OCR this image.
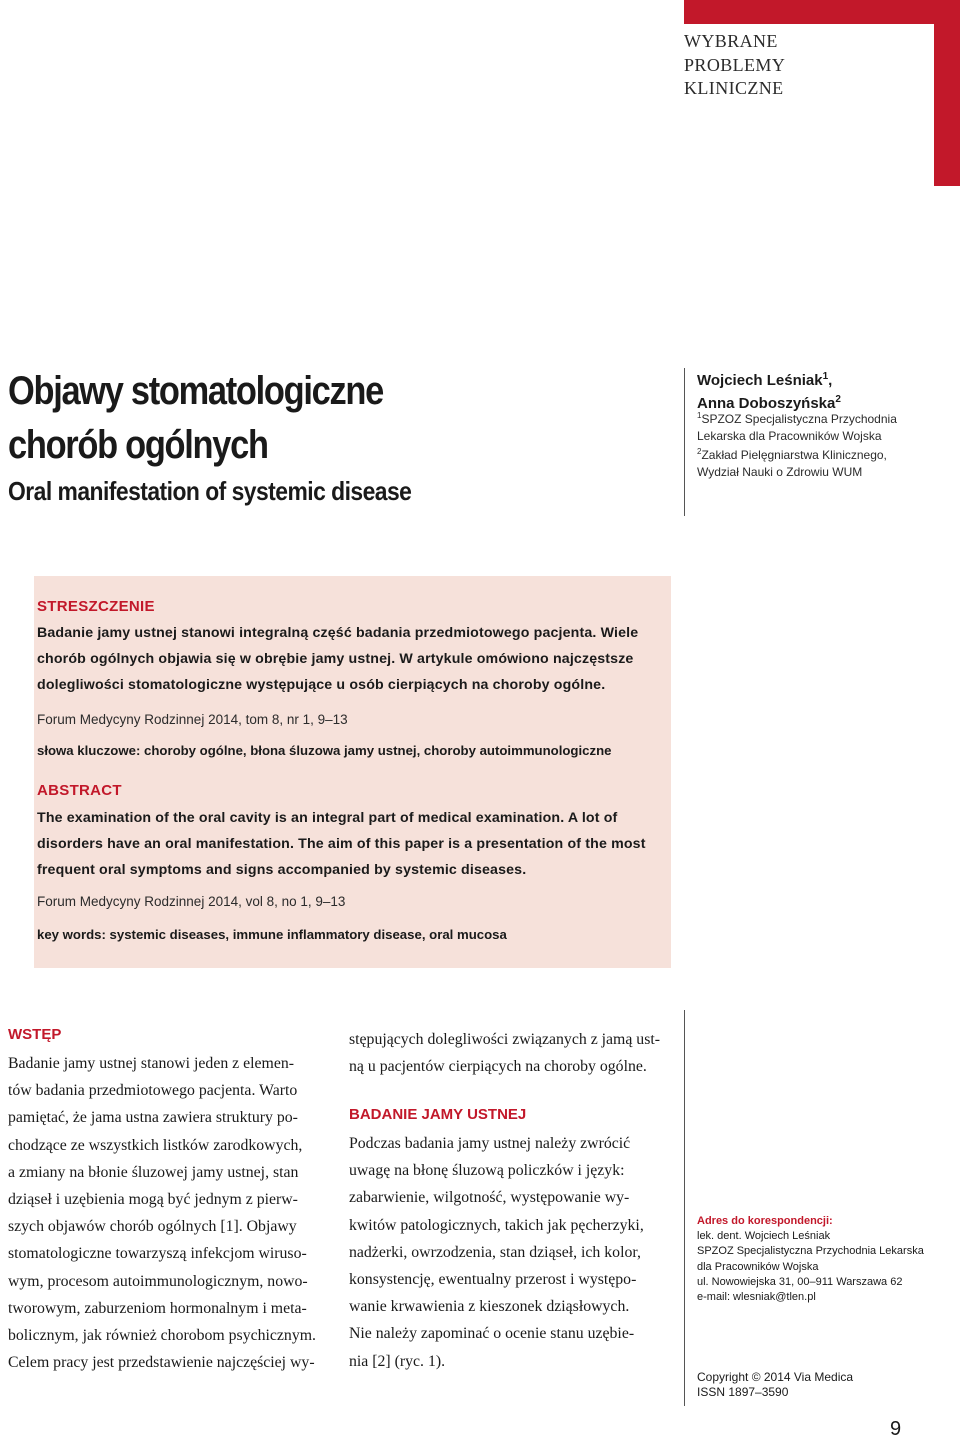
WYBRANE
PROBLEMY
KLINICZNE
Objawy stomatologiczne
chorób ogólnych
Oral manifestation of systemic disease
Wojciech Leśniak$^1$,
Anna Doboszyńska$^2$
$^1$SPZOZ Specjalistyczna Przychodnia
Lekarska dla Pracowników Wojska
$^2$Zakład Pielęgniarstwa Klinicznego,
Wydział Nauki o Zdrowiu WUM
STRESZCZENIE
Badanie jamy ustnej stanowi integralną część badania przedmiotowego pacjenta. Wiele
chorób ogólnych objawia się w obrębie jamy ustnej. W artykule omówiono najczęstsze
dolegliwości stomatologiczne występujące u osób cierpiących na choroby ogólne.
Forum Medycyny Rodzinnej 2014, tom 8, nr 1, 9–13
słowa kluczowe: choroby ogólne, błona śluzowa jamy ustnej, choroby autoimmunologiczne
ABSTRACT
The examination of the oral cavity is an integral part of medical examination. A lot of
disorders have an oral manifestation. The aim of this paper is a presentation of the most
frequent oral symptoms and signs accompanied by systemic diseases.
Forum Medycyny Rodzinnej 2014, vol 8, no 1, 9–13
key words: systemic diseases, immune inflammatory disease, oral mucosa
WSTĘP
Badanie jamy ustnej stanowi jeden z elemen-
tów badania przedmiotowego pacjenta. Warto
pamiętać, że jama ustna zawiera struktury po-
chodzące ze wszystkich listków zarodkowych,
a zmiany na błonie śluzowej jamy ustnej, stan
dziąseł i uzębienia mogą być jednym z pierw-
szych objawów chorób ogólnych [1]. Objawy
stomatologiczne towarzyszą infekcjom wiruso-
wym, procesom autoimmunologicznym, nowo-
tworowym, zaburzeniom hormonalnym i meta-
bolicznym, jak również chorobom psychicznym.
Celem pracy jest przedstawienie najczęściej wy-
stępujących dolegliwości związanych z jamą ust-
ną u pacjentów cierpiących na choroby ogólne.
BADANIE JAMY USTNEJ
Podczas badania jamy ustnej należy zwrócić
uwagę na błonę śluzową policzków i język:
zabarwienie, wilgotność, występowanie wy-
kwitów patologicznych, takich jak pęcherzyki,
nadżerki, owrzodzenia, stan dziąseł, ich kolor,
konsystencję, ewentualny przerost i występo-
wanie krwawienia z kieszonek dziąsłowych.
Nie należy zapominać o ocenie stanu uzębie-
nia [2] (ryc. 1).
Adres do korespondencji:
lek. dent. Wojciech Leśniak
SPZOZ Specjalistyczna Przychodnia Lekarska
dla Pracowników Wojska
ul. Nowowiejska 31, 00–911 Warszawa 62
e-mail: wlesniak@tlen.pl
Copyright © 2014 Via Medica
ISSN 1897–3590
9
